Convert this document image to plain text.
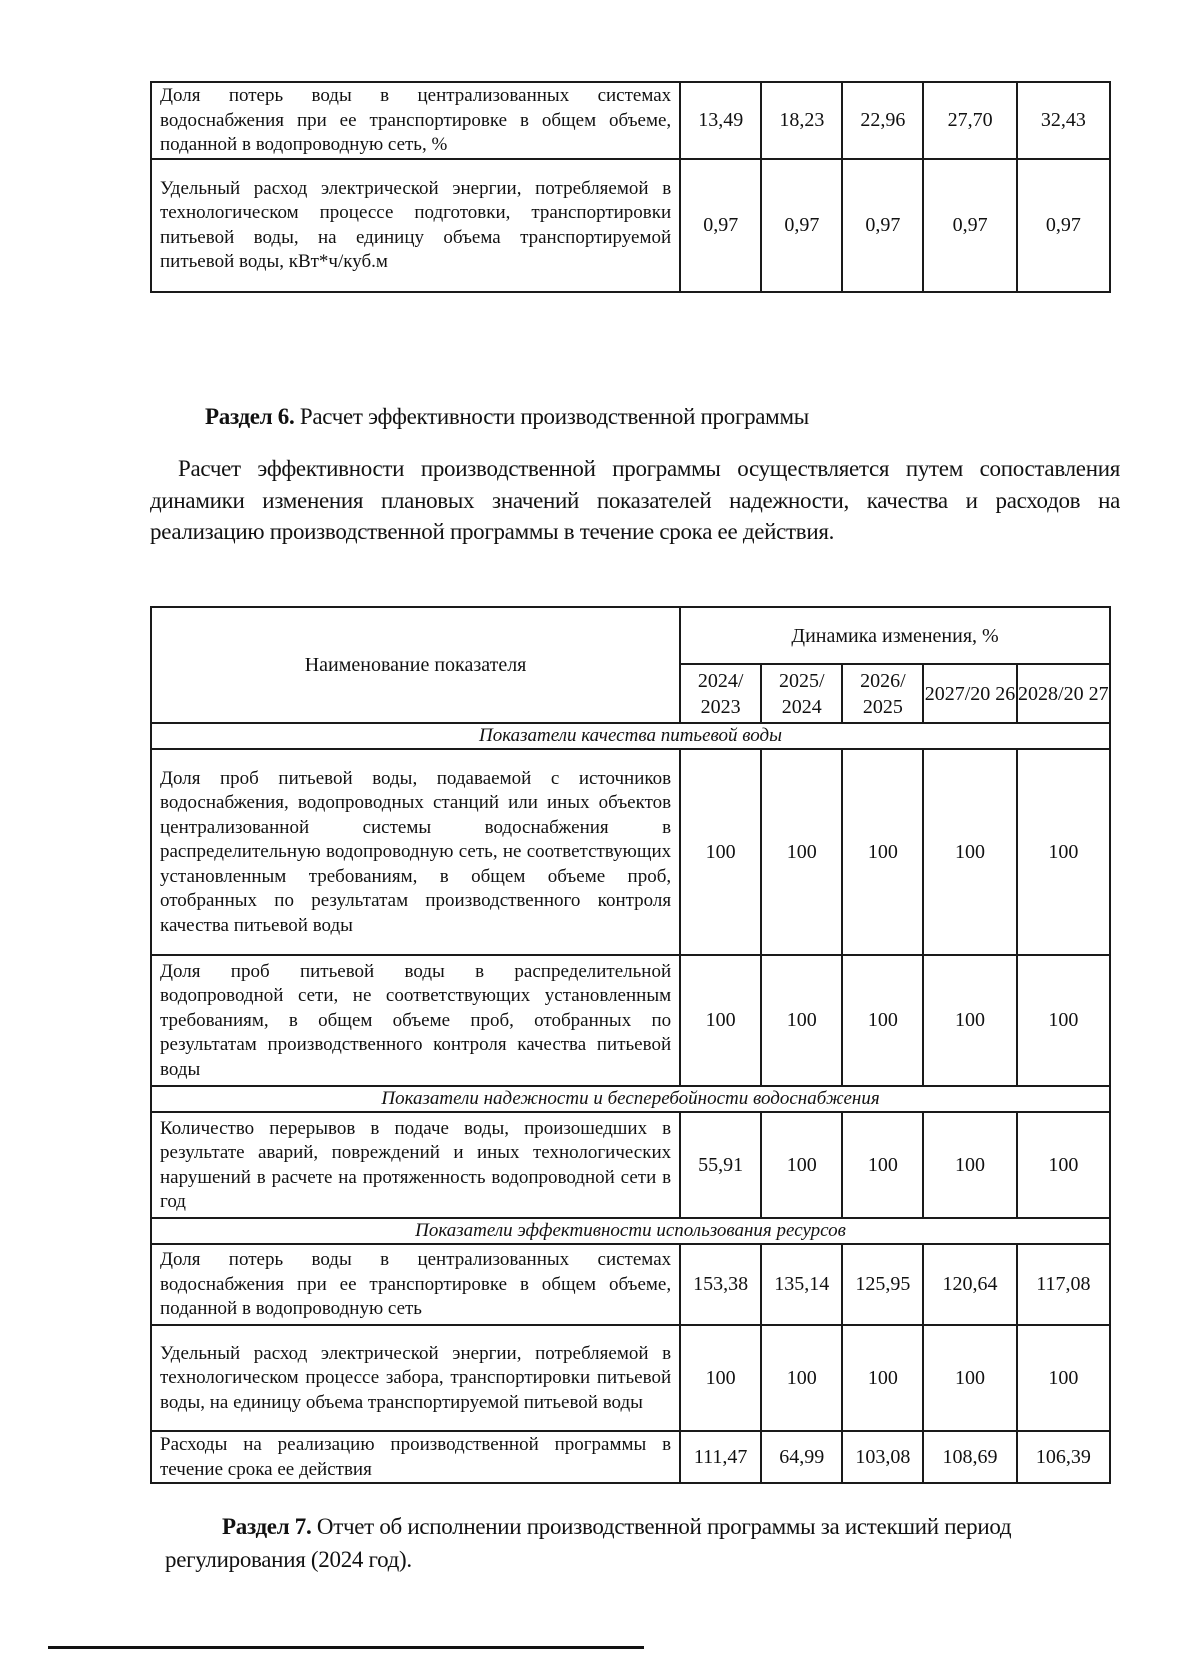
Доля потерь воды в централизованных системах водоснабжения при ее транспортировке в общем объеме, поданной в водопроводную сеть, %	13,49	18,23	22,96	27,70	32,43
Удельный расход электрической энергии, потребляемой в технологическом процессе подготовки, транспортировки питьевой воды, на единицу объема транспортируемой питьевой воды, кВт*ч/куб.м	0,97	0,97	0,97	0,97	0,97
Раздел 6. Расчет эффективности производственной программы
Расчет эффективности производственной программы осуществляется путем сопоставления динамики изменения плановых значений показателей надежности, качества и расходов на реализацию производственной программы в течение срока ее действия.
Наименование показателя	Динамика изменения, %				
	2024/ 2023	2025/ 2024	2026/ 2025	2027/20 26	2028/20 27
Показатели качества питьевой воды					
Доля проб питьевой воды, подаваемой с источников водоснабжения, водопроводных станций или иных объектов централизованной системы водоснабжения в распределительную водопроводную сеть, не соответствующих установленным требованиям, в общем объеме проб, отобранных по результатам производственного контроля качества питьевой воды	100	100	100	100	100
Доля проб питьевой воды в распределительной водопроводной сети, не соответствующих установленным требованиям, в общем объеме проб, отобранных по результатам производственного контроля качества питьевой воды	100	100	100	100	100
Показатели надежности и бесперебойности водоснабжения					
Количество перерывов в подаче воды, произошедших в результате аварий, повреждений и иных технологических нарушений в расчете на протяженность водопроводной сети в год	55,91	100	100	100	100
Показатели эффективности использования ресурсов					
Доля потерь воды в централизованных системах водоснабжения при ее транспортировке в общем объеме, поданной в водопроводную сеть	153,38	135,14	125,95	120,64	117,08
Удельный расход электрической энергии, потребляемой в технологическом процессе забора, транспортировки питьевой воды, на единицу объема транспортируемой питьевой воды	100	100	100	100	100
Расходы на реализацию производственной программы в течение срока ее действия	111,47	64,99	103,08	108,69	106,39
Раздел 7. Отчет об исполнении производственной программы за истекший период регулирования (2024 год).
